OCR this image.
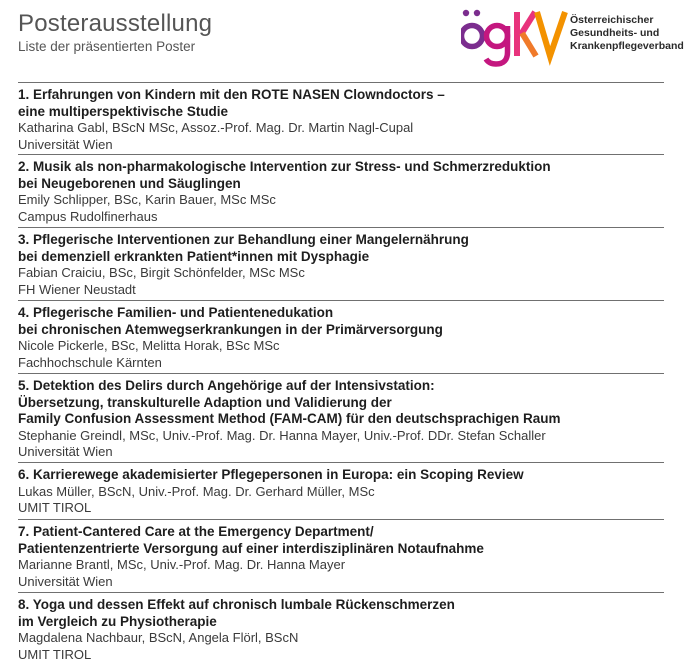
Posterausstellung
Liste der präsentierten Poster
Österreichischer
Gesundheits- und
Krankenpflegeverband
1. Erfahrungen von Kindern mit den ROTE NASEN Clowndoctors –
eine multiperspektivische Studie
Katharina Gabl, BScN MSc, Assoz.-Prof. Mag. Dr. Martin Nagl-Cupal
Universität Wien
2. Musik als non-pharmakologische Intervention zur Stress- und Schmerzreduktion
bei Neugeborenen und Säuglingen
Emily Schlipper, BSc, Karin Bauer, MSc MSc
Campus Rudolfinerhaus
3. Pflegerische Interventionen zur Behandlung einer Mangelernährung
bei demenziell erkrankten Patient*innen mit Dysphagie
Fabian Craiciu, BSc, Birgit Schönfelder, MSc MSc
FH Wiener Neustadt
4. Pflegerische Familien- und Patientenedukation
bei chronischen Atemwegserkrankungen in der Primärversorgung
Nicole Pickerle, BSc, Melitta Horak, BSc MSc
Fachhochschule Kärnten
5. Detektion des Delirs durch Angehörige auf der Intensivstation:
Übersetzung, transkulturelle Adaption und Validierung der
Family Confusion Assessment Method (FAM-CAM) für den deutschsprachigen Raum
Stephanie Greindl, MSc, Univ.-Prof. Mag. Dr. Hanna Mayer, Univ.-Prof. DDr. Stefan Schaller
Universität Wien
6. Karrierewege akademisierter Pflegepersonen in Europa: ein Scoping Review
Lukas Müller, BScN, Univ.-Prof. Mag. Dr. Gerhard Müller, MSc
UMIT TIROL
7. Patient-Cantered Care at the Emergency Department/
Patientenzentrierte Versorgung auf einer interdisziplinären Notaufnahme
Marianne Brantl, MSc, Univ.-Prof. Mag. Dr. Hanna Mayer
Universität Wien
8. Yoga und dessen Effekt auf chronisch lumbale Rückenschmerzen
im Vergleich zu Physiotherapie
Magdalena Nachbaur, BScN, Angela Flörl, BScN
UMIT TIROL
